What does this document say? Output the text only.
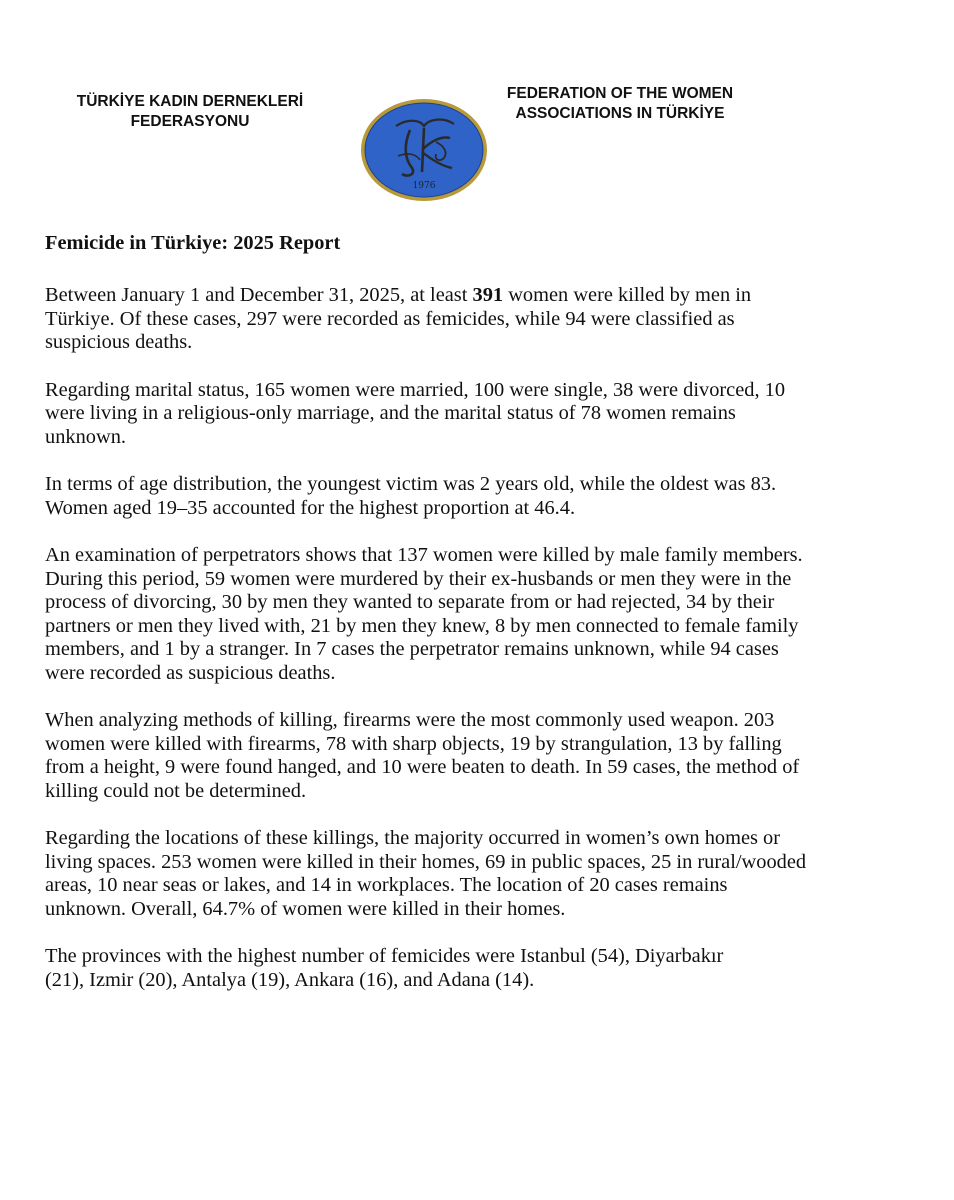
TÜRKİYE KADIN DERNEKLERİ
FEDERASYONU
1976
FEDERATION OF THE WOMEN
ASSOCIATIONS IN TÜRKİYE
Femicide in Türkiye: 2025 Report
Between January 1 and December 31, 2025, at least 391 women were killed by men in
Türkiye. Of these cases, 297 were recorded as femicides, while 94 were classified as
suspicious deaths.
Regarding marital status, 165 women were married, 100 were single, 38 were divorced, 10
were living in a religious-only marriage, and the marital status of 78 women remains
unknown.
In terms of age distribution, the youngest victim was 2 years old, while the oldest was 83.
Women aged 19–35 accounted for the highest proportion at 46.4.
An examination of perpetrators shows that 137 women were killed by male family members.
During this period, 59 women were murdered by their ex-husbands or men they were in the
process of divorcing, 30 by men they wanted to separate from or had rejected, 34 by their
partners or men they lived with, 21 by men they knew, 8 by men connected to female family
members, and 1 by a stranger. In 7 cases the perpetrator remains unknown, while 94 cases
were recorded as suspicious deaths.
When analyzing methods of killing, firearms were the most commonly used weapon. 203
women were killed with firearms, 78 with sharp objects, 19 by strangulation, 13 by falling
from a height, 9 were found hanged, and 10 were beaten to death. In 59 cases, the method of
killing could not be determined.
Regarding the locations of these killings, the majority occurred in women’s own homes or
living spaces. 253 women were killed in their homes, 69 in public spaces, 25 in rural/wooded
areas, 10 near seas or lakes, and 14 in workplaces. The location of 20 cases remains
unknown. Overall, 64.7% of women were killed in their homes.
The provinces with the highest number of femicides were Istanbul (54), Diyarbakır
(21), Izmir (20), Antalya (19), Ankara (16), and Adana (14).
